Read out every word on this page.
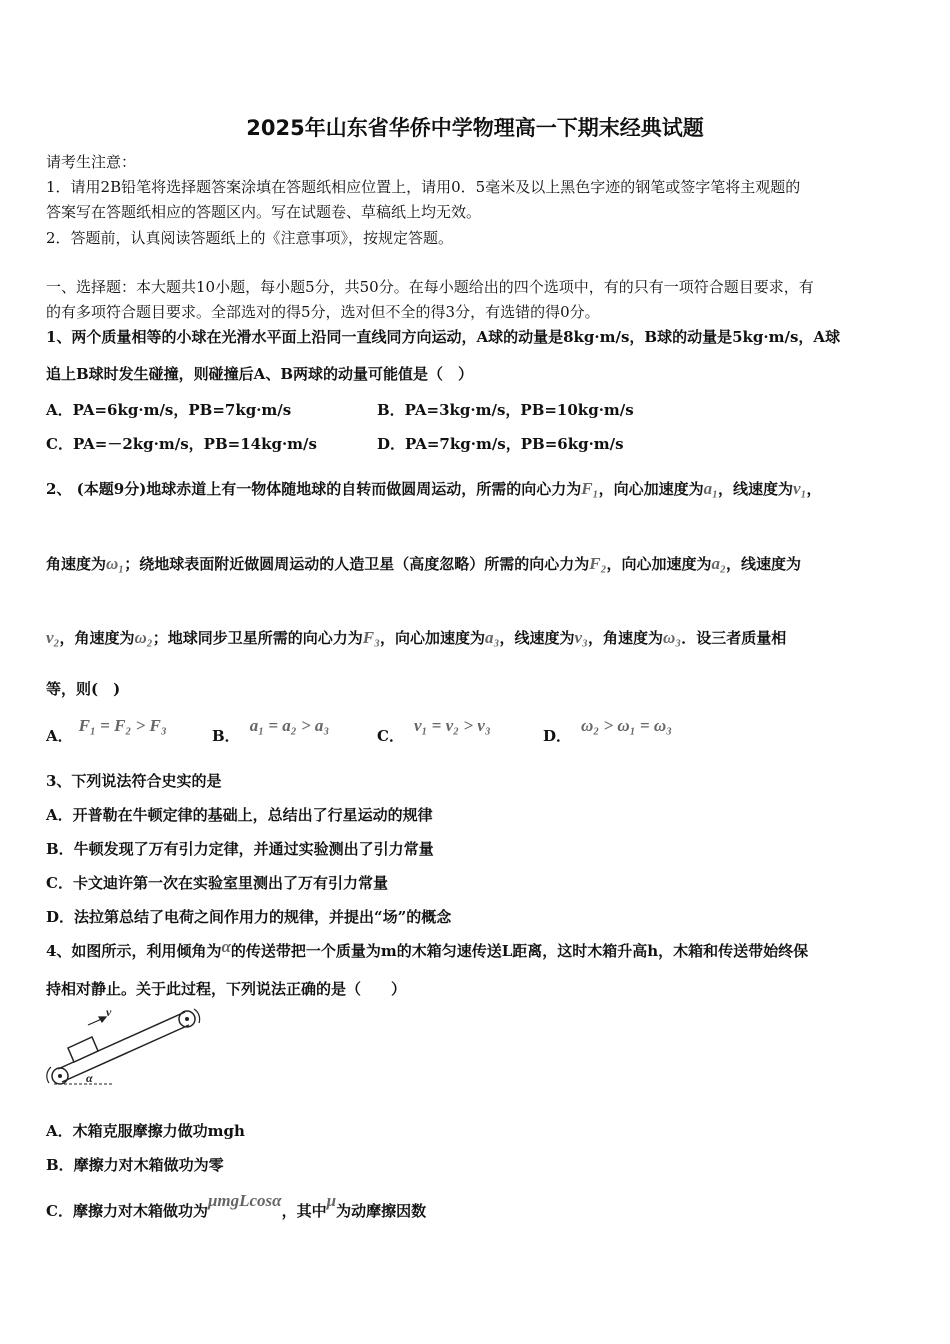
2025年山东省华侨中学物理高一下期末经典试题
请考生注意：
1．请用2B铅笔将选择题答案涂填在答题纸相应位置上，请用0．5毫米及以上黑色字迹的钢笔或签字笔将主观题的
答案写在答题纸相应的答题区内。写在试题卷、草稿纸上均无效。
2．答题前，认真阅读答题纸上的《注意事项》，按规定答题。
一、选择题：本大题共10小题，每小题5分，共50分。在每小题给出的四个选项中，有的只有一项符合题目要求，有
的有多项符合题目要求。全部选对的得5分，选对但不全的得3分，有选错的得0分。
1、两个质量相等的小球在光滑水平面上沿同一直线同方向运动，A球的动量是8kg·m/s，B球的动量是5kg·m/s，A球
追上B球时发生碰撞，则碰撞后A、B两球的动量可能值是（　）
A．PA=6kg·m/s，PB=7kg·m/s	B．PA=3kg·m/s，PB=10kg·m/s
C．PA=－2kg·m/s，PB=14kg·m/s	D．PA=7kg·m/s，PB=6kg·m/s
2、 (本题9分)地球赤道上有一物体随地球的自转而做圆周运动，所需的向心力为F₁，向心加速度为a₁，线速度为v₁，
角速度为ω₁；绕地球表面附近做圆周运动的人造卫星（高度忽略）所需的向心力为F₂，向心加速度为a₂，线速度为
v₂，角速度为ω₂；地球同步卫星所需的向心力为F₃，向心加速度为a₃，线速度为v₃，角速度为ω₃．设三者质量相
等，则(　)
A．F₁ = F₂ > F₃
B．a₁ = a₂ > a₃
C．v₁ = v₂ > v₃
D．ω₂ > ω₁ = ω₃
3、下列说法符合史实的是
A．开普勒在牛顿定律的基础上，总结出了行星运动的规律
B．牛顿发现了万有引力定律，并通过实验测出了引力常量
C．卡文迪许第一次在实验室里测出了万有引力常量
D．法拉第总结了电荷之间作用力的规律，并提出“场”的概念
4、如图所示，利用倾角为α的传送带把一个质量为m的木箱匀速传送L距离，这时木箱升高h，木箱和传送带始终保
持相对静止。关于此过程，下列说法正确的是（　　）
v
α
A．木箱克服摩擦力做功mgh
B．摩擦力对木箱做功为零
C．摩擦力对木箱做功为μmgLcosα，其中μ为动摩擦因数
